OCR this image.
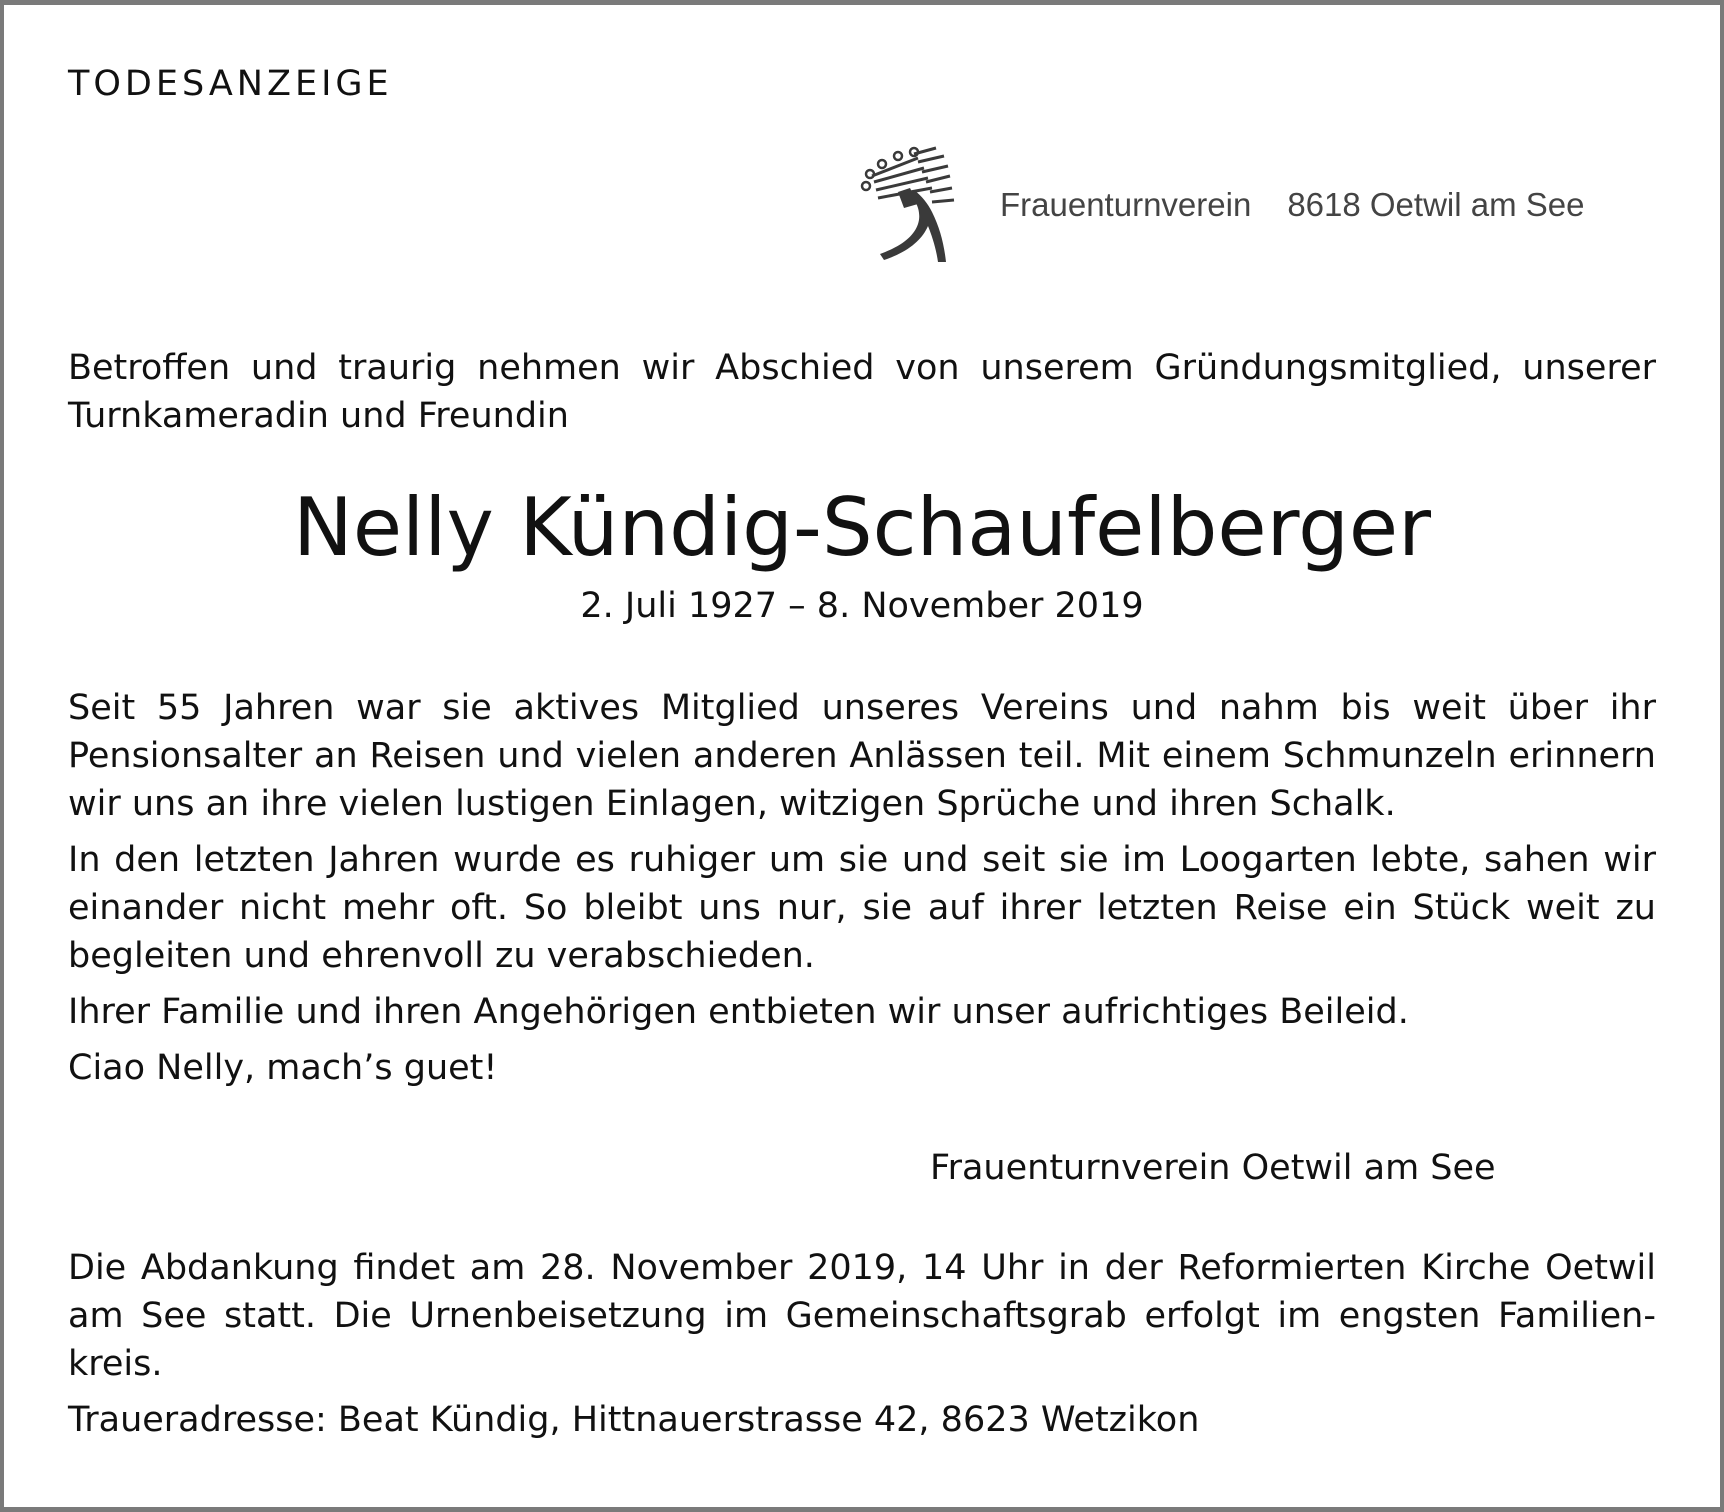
TODESANZEIGE
Frauenturnverein 8618 Oetwil am See

Betroffen und traurig nehmen wir Abschied von unserem Gründungsmitglied, unserer Turnkameradin und Freundin

Nelly Kündig-Schaufelberger
2. Juli 1927 – 8. November 2019

Seit 55 Jahren war sie aktives Mitglied unseres Vereins und nahm bis weit über ihr Pensionsalter an Reisen und vielen anderen Anlässen teil. Mit einem Schmunzeln erinnern wir uns an ihre vielen lustigen Einlagen, witzigen Sprüche und ihren Schalk.

In den letzten Jahren wurde es ruhiger um sie und seit sie im Loogarten lebte, sahen wir einander nicht mehr oft. So bleibt uns nur, sie auf ihrer letzten Reise ein Stück weit zu begleiten und ehrenvoll zu verabschieden.

Ihrer Familie und ihren Angehörigen entbieten wir unser aufrichtiges Beileid.

Ciao Nelly, mach’s guet!

Frauenturnverein Oetwil am See

Die Abdankung findet am 28. November 2019, 14 Uhr in der Reformierten Kirche Oetwil am See statt. Die Urnenbeisetzung im Gemeinschaftsgrab erfolgt im engsten Familien-kreis.

Traueradresse: Beat Kündig, Hittnauerstrasse 42, 8623 Wetzikon
